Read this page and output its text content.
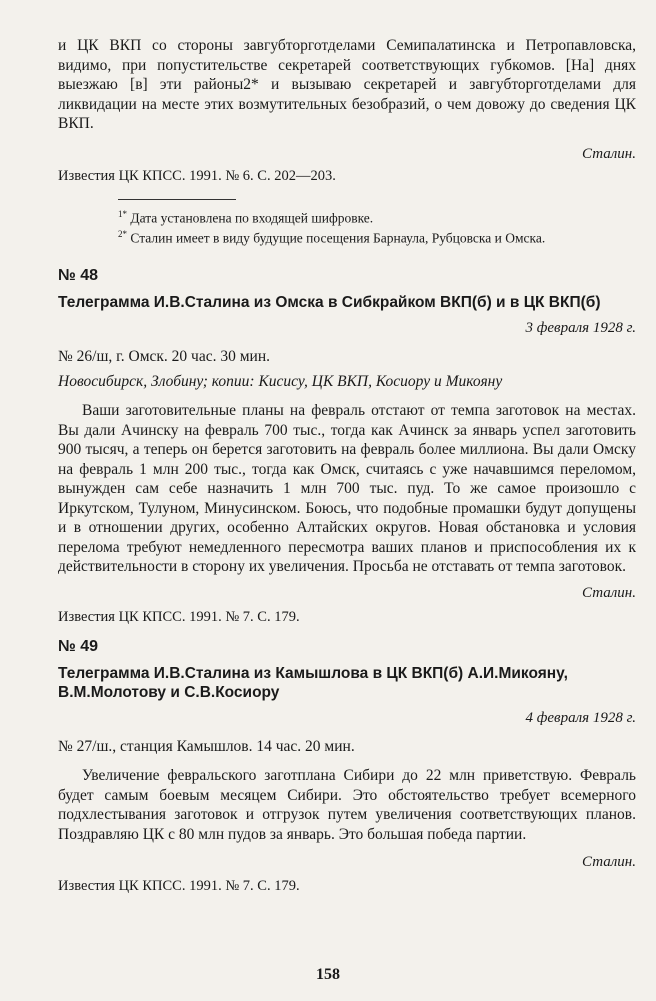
и ЦК ВКП со стороны завгубторготделами Семипалатинска и Петропавловска, видимо, при попустительстве секретарей соответствующих губкомов. [На] днях выезжаю [в] эти районы2* и вызываю секретарей и завгубторготделами для ликвидации на месте этих возмутительных безобразий, о чем довожу до сведения ЦК ВКП.

Сталин.

Известия ЦК КПСС. 1991. № 6. С. 202—203.

$^{1*}$ Дата установлена по входящей шифровке.
$^{2*}$ Сталин имеет в виду будущие посещения Барнаула, Рубцовска и Омска.

№ 48

Телеграмма И.В.Сталина из Омска в Сибкрайком ВКП(б) и в ЦК ВКП(б)

3 февраля 1928 г.

№ 26/ш, г. Омск. 20 час. 30 мин.

Новосибирск, Злобину; копии: Кисису, ЦК ВКП, Косиору и Микояну

Ваши заготовительные планы на февраль отстают от темпа заготовок на местах. Вы дали Ачинску на февраль 700 тыс., тогда как Ачинск за январь успел заготовить 900 тысяч, а теперь он берется заготовить на февраль более миллиона. Вы дали Омску на февраль 1 млн 200 тыс., тогда как Омск, считаясь с уже начавшимся переломом, вынужден сам себе назначить 1 млн 700 тыс. пуд. То же самое произошло с Иркутском, Тулуном, Минусинском. Боюсь, что подобные промашки будут допущены и в отношении других, особенно Алтайских округов. Новая обстановка и условия перелома требуют немедленного пересмотра ваших планов и приспособления их к действительности в сторону их увеличения. Просьба не отставать от темпа заготовок.

Сталин.

Известия ЦК КПСС. 1991. № 7. С. 179.

№ 49

Телеграмма И.В.Сталина из Камышлова в ЦК ВКП(б) А.И.Микояну, В.М.Молотову и С.В.Косиору

4 февраля 1928 г.

№ 27/ш., станция Камышлов. 14 час. 20 мин.

Увеличение февральского заготплана Сибири до 22 млн приветствую. Февраль будет самым боевым месяцем Сибири. Это обстоятельство требует всемерного подхлестывания заготовок и отгрузок путем увеличения соответствующих планов. Поздравляю ЦК с 80 млн пудов за январь. Это большая победа партии.

Сталин.

Известия ЦК КПСС. 1991. № 7. С. 179.

158
